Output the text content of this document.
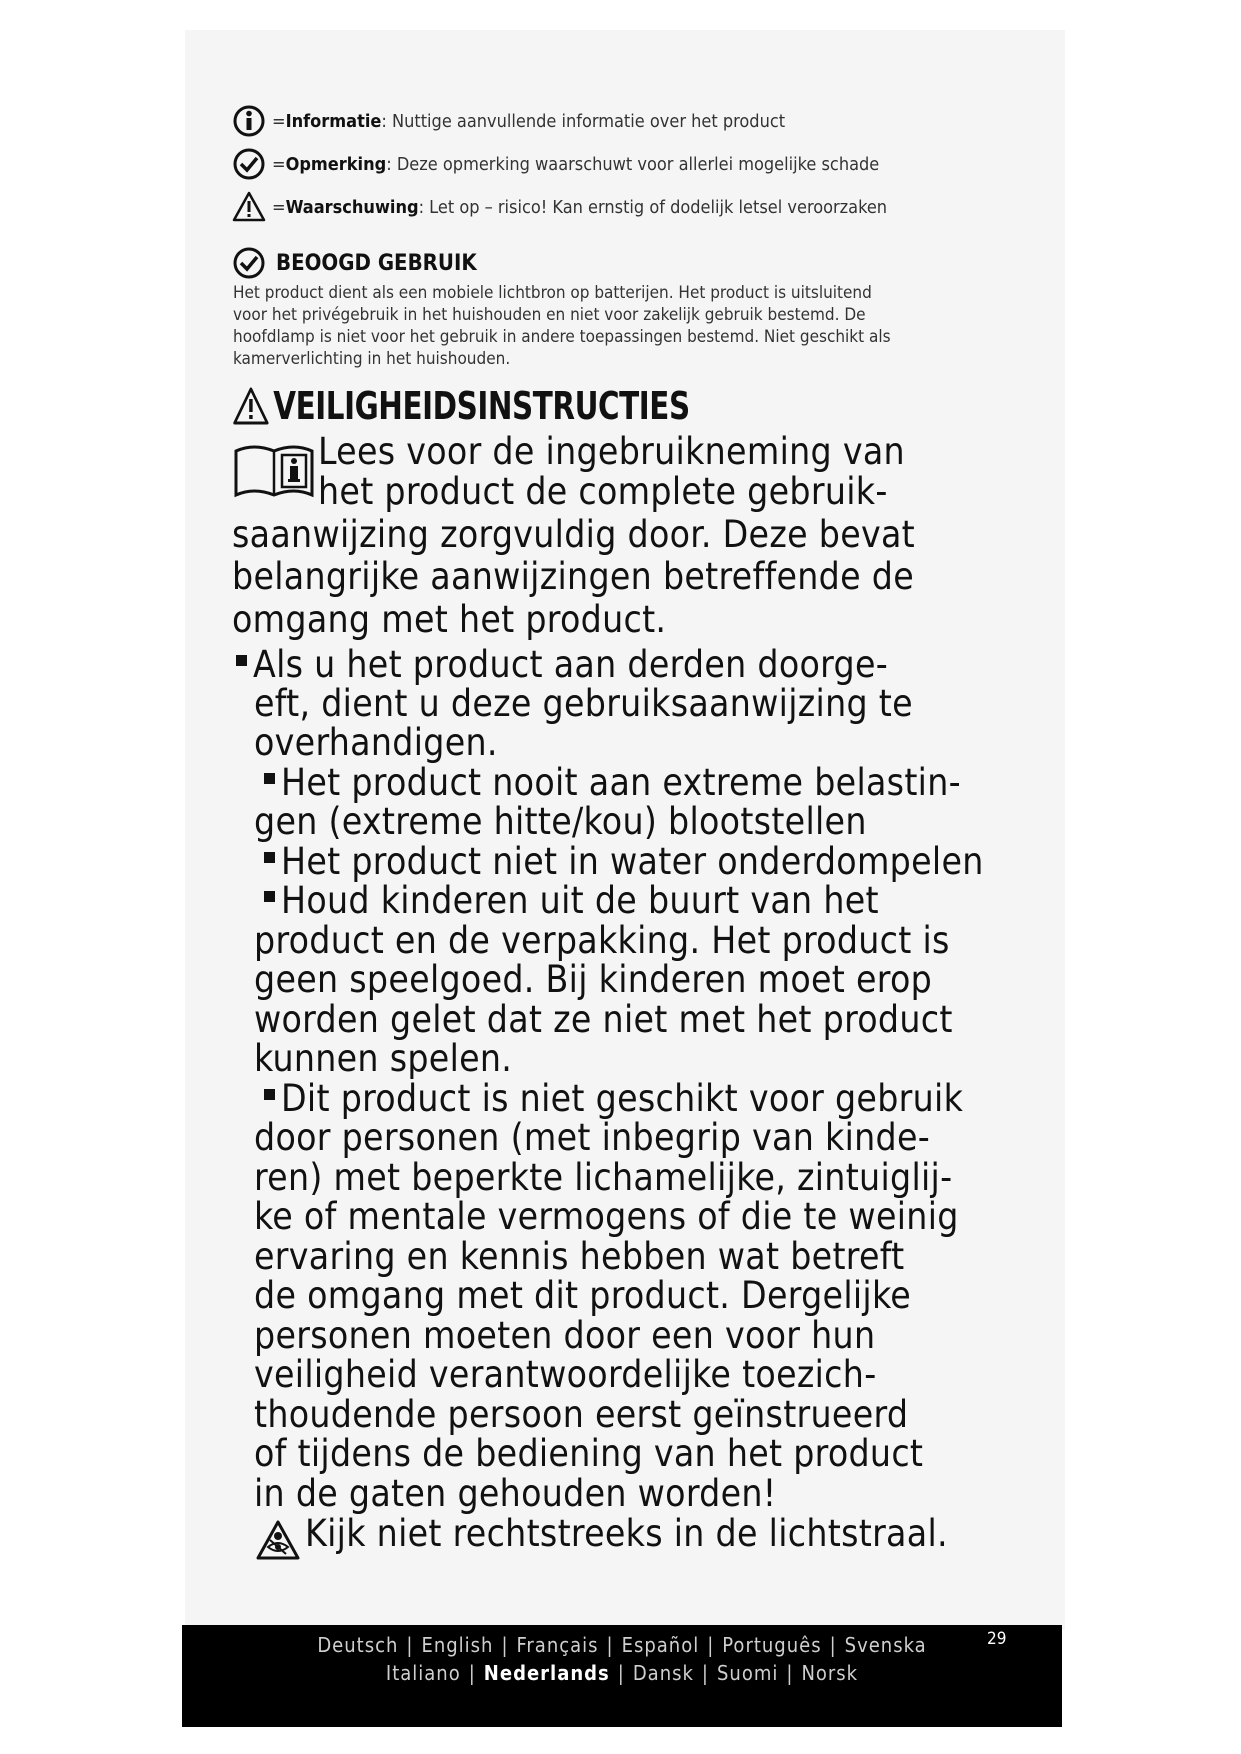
= Informatie : Nuttige aanvullende informatie over het product
= Opmerking : Deze opmerking waarschuwt voor allerlei mogelijke schade
= Waarschuwing : Let op – risico! Kan ernstig of dodelijk letsel veroorzaken
BEOOGD GEBRUIK
Het product dient als een mobiele lichtbron op batterijen. Het product is uitsluitend
voor het privégebruik in het huishouden en niet voor zakelijk gebruik bestemd. De
hoofdlamp is niet voor het gebruik in andere toepassingen bestemd. Niet geschikt als
kamerverlichting in het huishouden.
VEILIGHEIDSINSTRUCTIES
Lees voor de ingebruikneming van
het product de complete gebruik-
saanwijzing zorgvuldig door. Deze bevat
belangrijke aanwijzingen betreffende de
omgang met het product.
Als u het product aan derden doorge-
eft, dient u deze gebruiksaanwijzing te
overhandigen.
Het product nooit aan extreme belastin-
gen (extreme hitte/kou) blootstellen
Het product niet in water onderdompelen
Houd kinderen uit de buurt van het
product en de verpakking. Het product is
geen speelgoed. Bij kinderen moet erop
worden gelet dat ze niet met het product
kunnen spelen.
Dit product is niet geschikt voor gebruik
door personen (met inbegrip van kinde-
ren) met beperkte lichamelijke, zintuiglij-
ke of mentale vermogens of die te weinig
ervaring en kennis hebben wat betreft
de omgang met dit product. Dergelijke
personen moeten door een voor hun
veiligheid verantwoordelijke toezich-
thoudende persoon eerst geïnstrueerd
of tijdens de bediening van het product
in de gaten gehouden worden!
Kijk niet rechtstreeks in de lichtstraal.
Deutsch | English | Français | Español | Português | Svenska
Italiano | Nederlands | Dansk | Suomi | Norsk
29
